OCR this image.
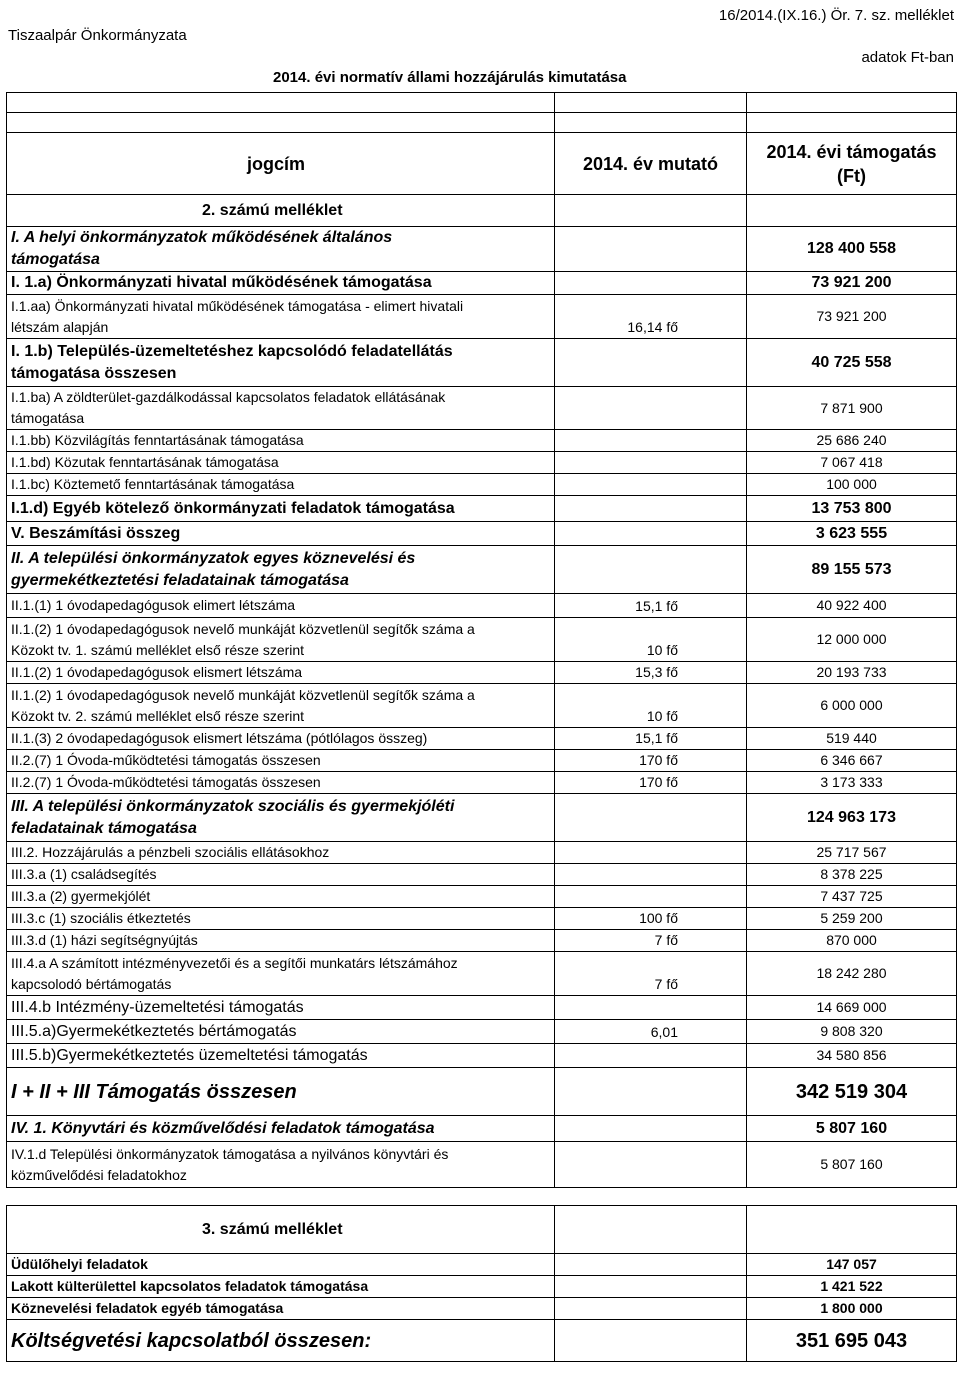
Tiszaalpár Önkormányzata
16/2014.(IX.16.) Ör. 7. sz. melléklet
2014. évi normatív állami hozzájárulás kimutatása
adatok Ft-ban

jogcím	2014. év mutató	2014. évi támogatás
(Ft)

2. számú melléklet		

I. A helyi önkormányzatok működésének általános
támogatása		128 400 558

I. 1.a) Önkormányzati hivatal működésének támogatása		73 921 200

I.1.aa) Önkormányzati hivatal működésének támogatása - elimert hivatali
létszám alapján	16,14 fő	73 921 200

I. 1.b) Település-üzemeltetéshez kapcsolódó feladatellátás
támogatása összesen		40 725 558

I.1.ba) A zöldterület-gazdálkodással kapcsolatos feladatok ellátásának
támogatása		7 871 900

I.1.bb) Közvilágítás fenntartásának támogatása		25 686 240

I.1.bd) Közutak fenntartásának támogatása		7 067 418

I.1.bc) Köztemető fenntartásának támogatása		100 000

I.1.d) Egyéb kötelező önkormányzati feladatok támogatása		13 753 800

V. Beszámítási összeg		3 623 555

II. A települési önkormányzatok egyes köznevelési és
gyermekétkeztetési feladatainak támogatása		89 155 573

II.1.(1) 1 óvodapedagógusok elimert létszáma	15,1 fő	40 922 400

II.1.(2) 1 óvodapedagógusok nevelő munkáját közvetlenül segítők száma a
Közokt tv. 1. számú melléklet első része szerint	10 fő	12 000 000

II.1.(2) 1 óvodapedagógusok elismert létszáma	15,3 fő	20 193 733

II.1.(2) 1 óvodapedagógusok nevelő munkáját közvetlenül segítők száma a
Közokt tv. 2. számú melléklet első része szerint	10 fő	6 000 000

II.1.(3) 2 óvodapedagógusok elismert létszáma (pótlólagos összeg)	15,1 fő	519 440

II.2.(7) 1 Óvoda-működtetési támogatás összesen	170 fő	6 346 667

II.2.(7) 1 Óvoda-működtetési támogatás összesen	170 fő	3 173 333

III. A települési önkormányzatok szociális és gyermekjóléti
feladatainak támogatása		124 963 173

III.2. Hozzájárulás a pénzbeli szociális ellátásokhoz		25 717 567

III.3.a (1) családsegítés		8 378 225

III.3.a (2) gyermekjólét		7 437 725

III.3.c (1) szociális étkeztetés	100 fő	5 259 200

III.3.d (1) házi segítségnyújtás	7 fő	870 000

III.4.a A számított intézményvezetői és a segítői munkatárs létszámához
kapcsolodó bértámogatás	7 fő	18 242 280

III.4.b Intézmény-üzemeltetési támogatás		14 669 000

III.5.a)Gyermekétkeztetés bértámogatás	6,01	9 808 320

III.5.b)Gyermekétkeztetés üzemeltetési támogatás		34 580 856

I + II + III Támogatás összesen		342 519 304

IV. 1. Könyvtári és közművelődési feladatok támogatása		5 807 160

IV.1.d Települési önkormányzatok támogatása a nyilvános könyvtári és
közművelődési feladatokhoz		5 807 160
3. számú melléklet		
Üdülőhelyi feladatok		147 057
Lakott külterülettel kapcsolatos feladatok támogatása		1 421 522
Köznevelési feladatok egyéb támogatása		1 800 000
Költségvetési kapcsolatból összesen:		351 695 043
